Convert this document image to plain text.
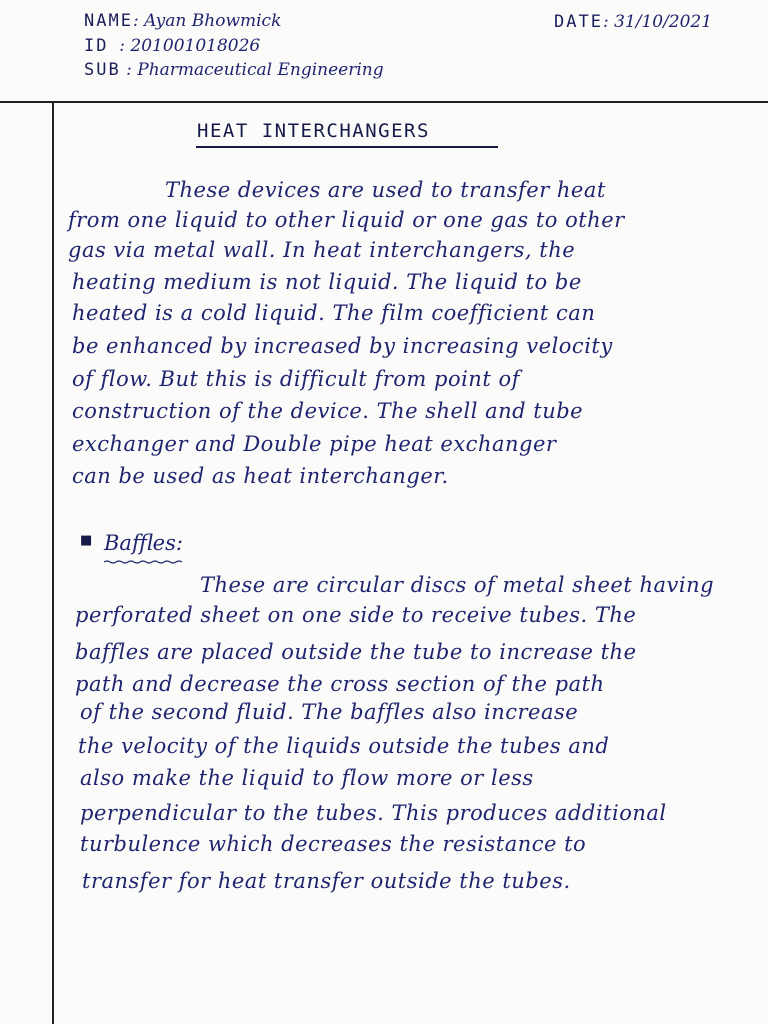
NAME: Ayan Bhowmick
ID : 201001018026
SUB : Pharmaceutical Engineering
DATE: 31/10/2021
HEAT INTERCHANGERS
These devices are used to transfer heat
from one liquid to other liquid or one gas to other
gas via metal wall. In heat interchangers, the
heating medium is not liquid. The liquid to be
heated is a cold liquid. The film coefficient can
be enhanced by increased by increasing velocity
of flow. But this is difficult from point of
construction of the device. The shell and tube
exchanger and Double pipe heat exchanger
can be used as heat interchanger.
■ Baffles:
These are circular discs of metal sheet having
perforated sheet on one side to receive tubes. The
baffles are placed outside the tube to increase the
path and decrease the cross section of the path
of the second fluid. The baffles also increase
the velocity of the liquids outside the tubes and
also make the liquid to flow more or less
perpendicular to the tubes. This produces additional
turbulence which decreases the resistance to
transfer for heat transfer outside the tubes.
